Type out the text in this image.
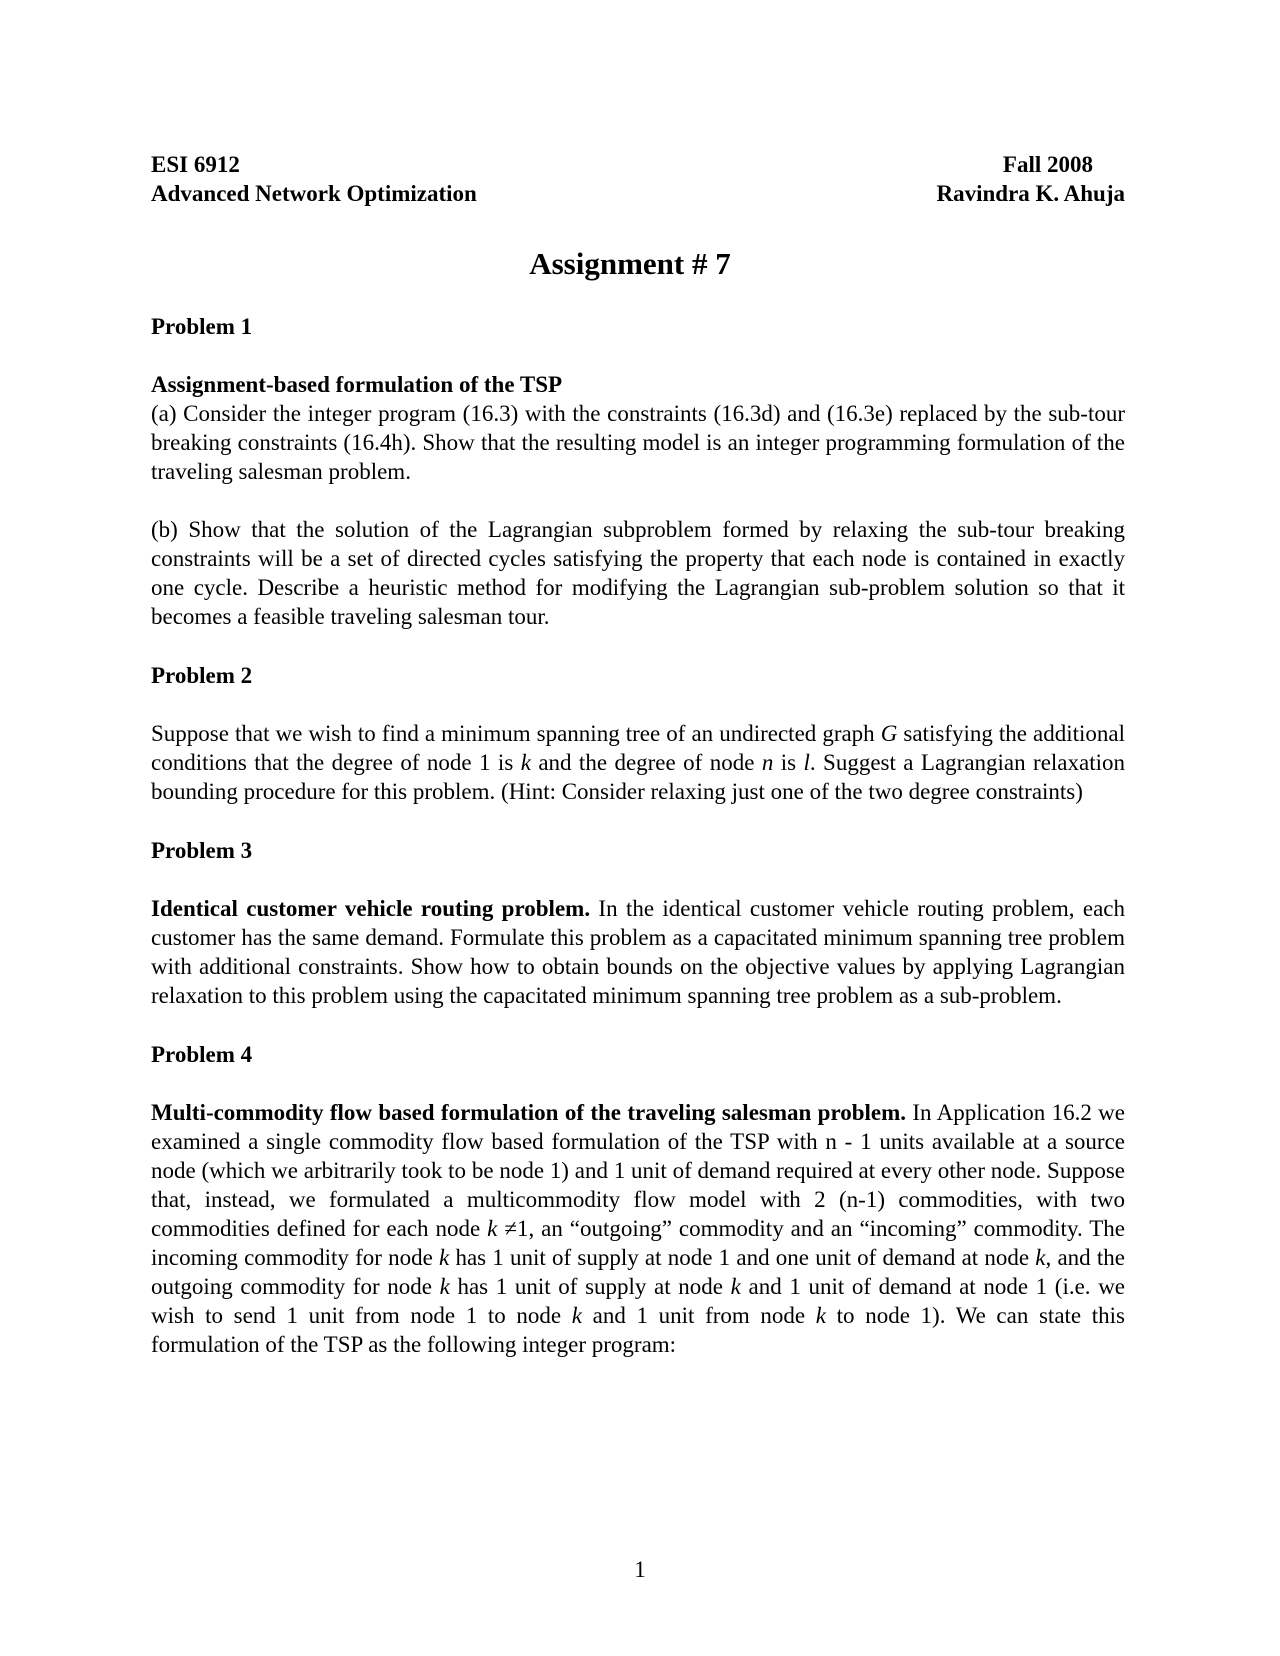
ESI 6912
Advanced Network Optimization
Fall 2008
Ravindra K. Ahuja
Assignment # 7
Problem 1
Assignment-based formulation of the TSP

(a) Consider the integer program (16.3) with the constraints (16.3d) and (16.3e) replaced by the sub-tour breaking constraints (16.4h). Show that the resulting model is an integer programming formulation of the traveling salesman problem.

(b) Show that the solution of the Lagrangian subproblem formed by relaxing the sub-tour breaking constraints will be a set of directed cycles satisfying the property that each node is contained in exactly one cycle. Describe a heuristic method for modifying the Lagrangian sub-problem solution so that it becomes a feasible traveling salesman tour.

Problem 2

Suppose that we wish to find a minimum spanning tree of an undirected graph G satisfying the additional conditions that the degree of node 1 is k and the degree of node n is l. Suggest a Lagrangian relaxation bounding procedure for this problem. (Hint: Consider relaxing just one of the two degree constraints)

Problem 3

Identical customer vehicle routing problem. In the identical customer vehicle routing problem, each customer has the same demand. Formulate this problem as a capacitated minimum spanning tree problem with additional constraints. Show how to obtain bounds on the objective values by applying Lagrangian relaxation to this problem using the capacitated minimum spanning tree problem as a sub-problem.

Problem 4

Multi-commodity flow based formulation of the traveling salesman problem. In Application 16.2 we examined a single commodity flow based formulation of the TSP with n - 1 units available at a source node (which we arbitrarily took to be node 1) and 1 unit of demand required at every other node. Suppose that, instead, we formulated a multicommodity flow model with 2 (n-1) commodities, with two commodities defined for each node k ≠1, an “outgoing” commodity and an “incoming” commodity. The incoming commodity for node k has 1 unit of supply at node 1 and one unit of demand at node k, and the outgoing commodity for node k has 1 unit of supply at node k and 1 unit of demand at node 1 (i.e. we wish to send 1 unit from node 1 to node k and 1 unit from node k to node 1). We can state this formulation of the TSP as the following integer program:

1
